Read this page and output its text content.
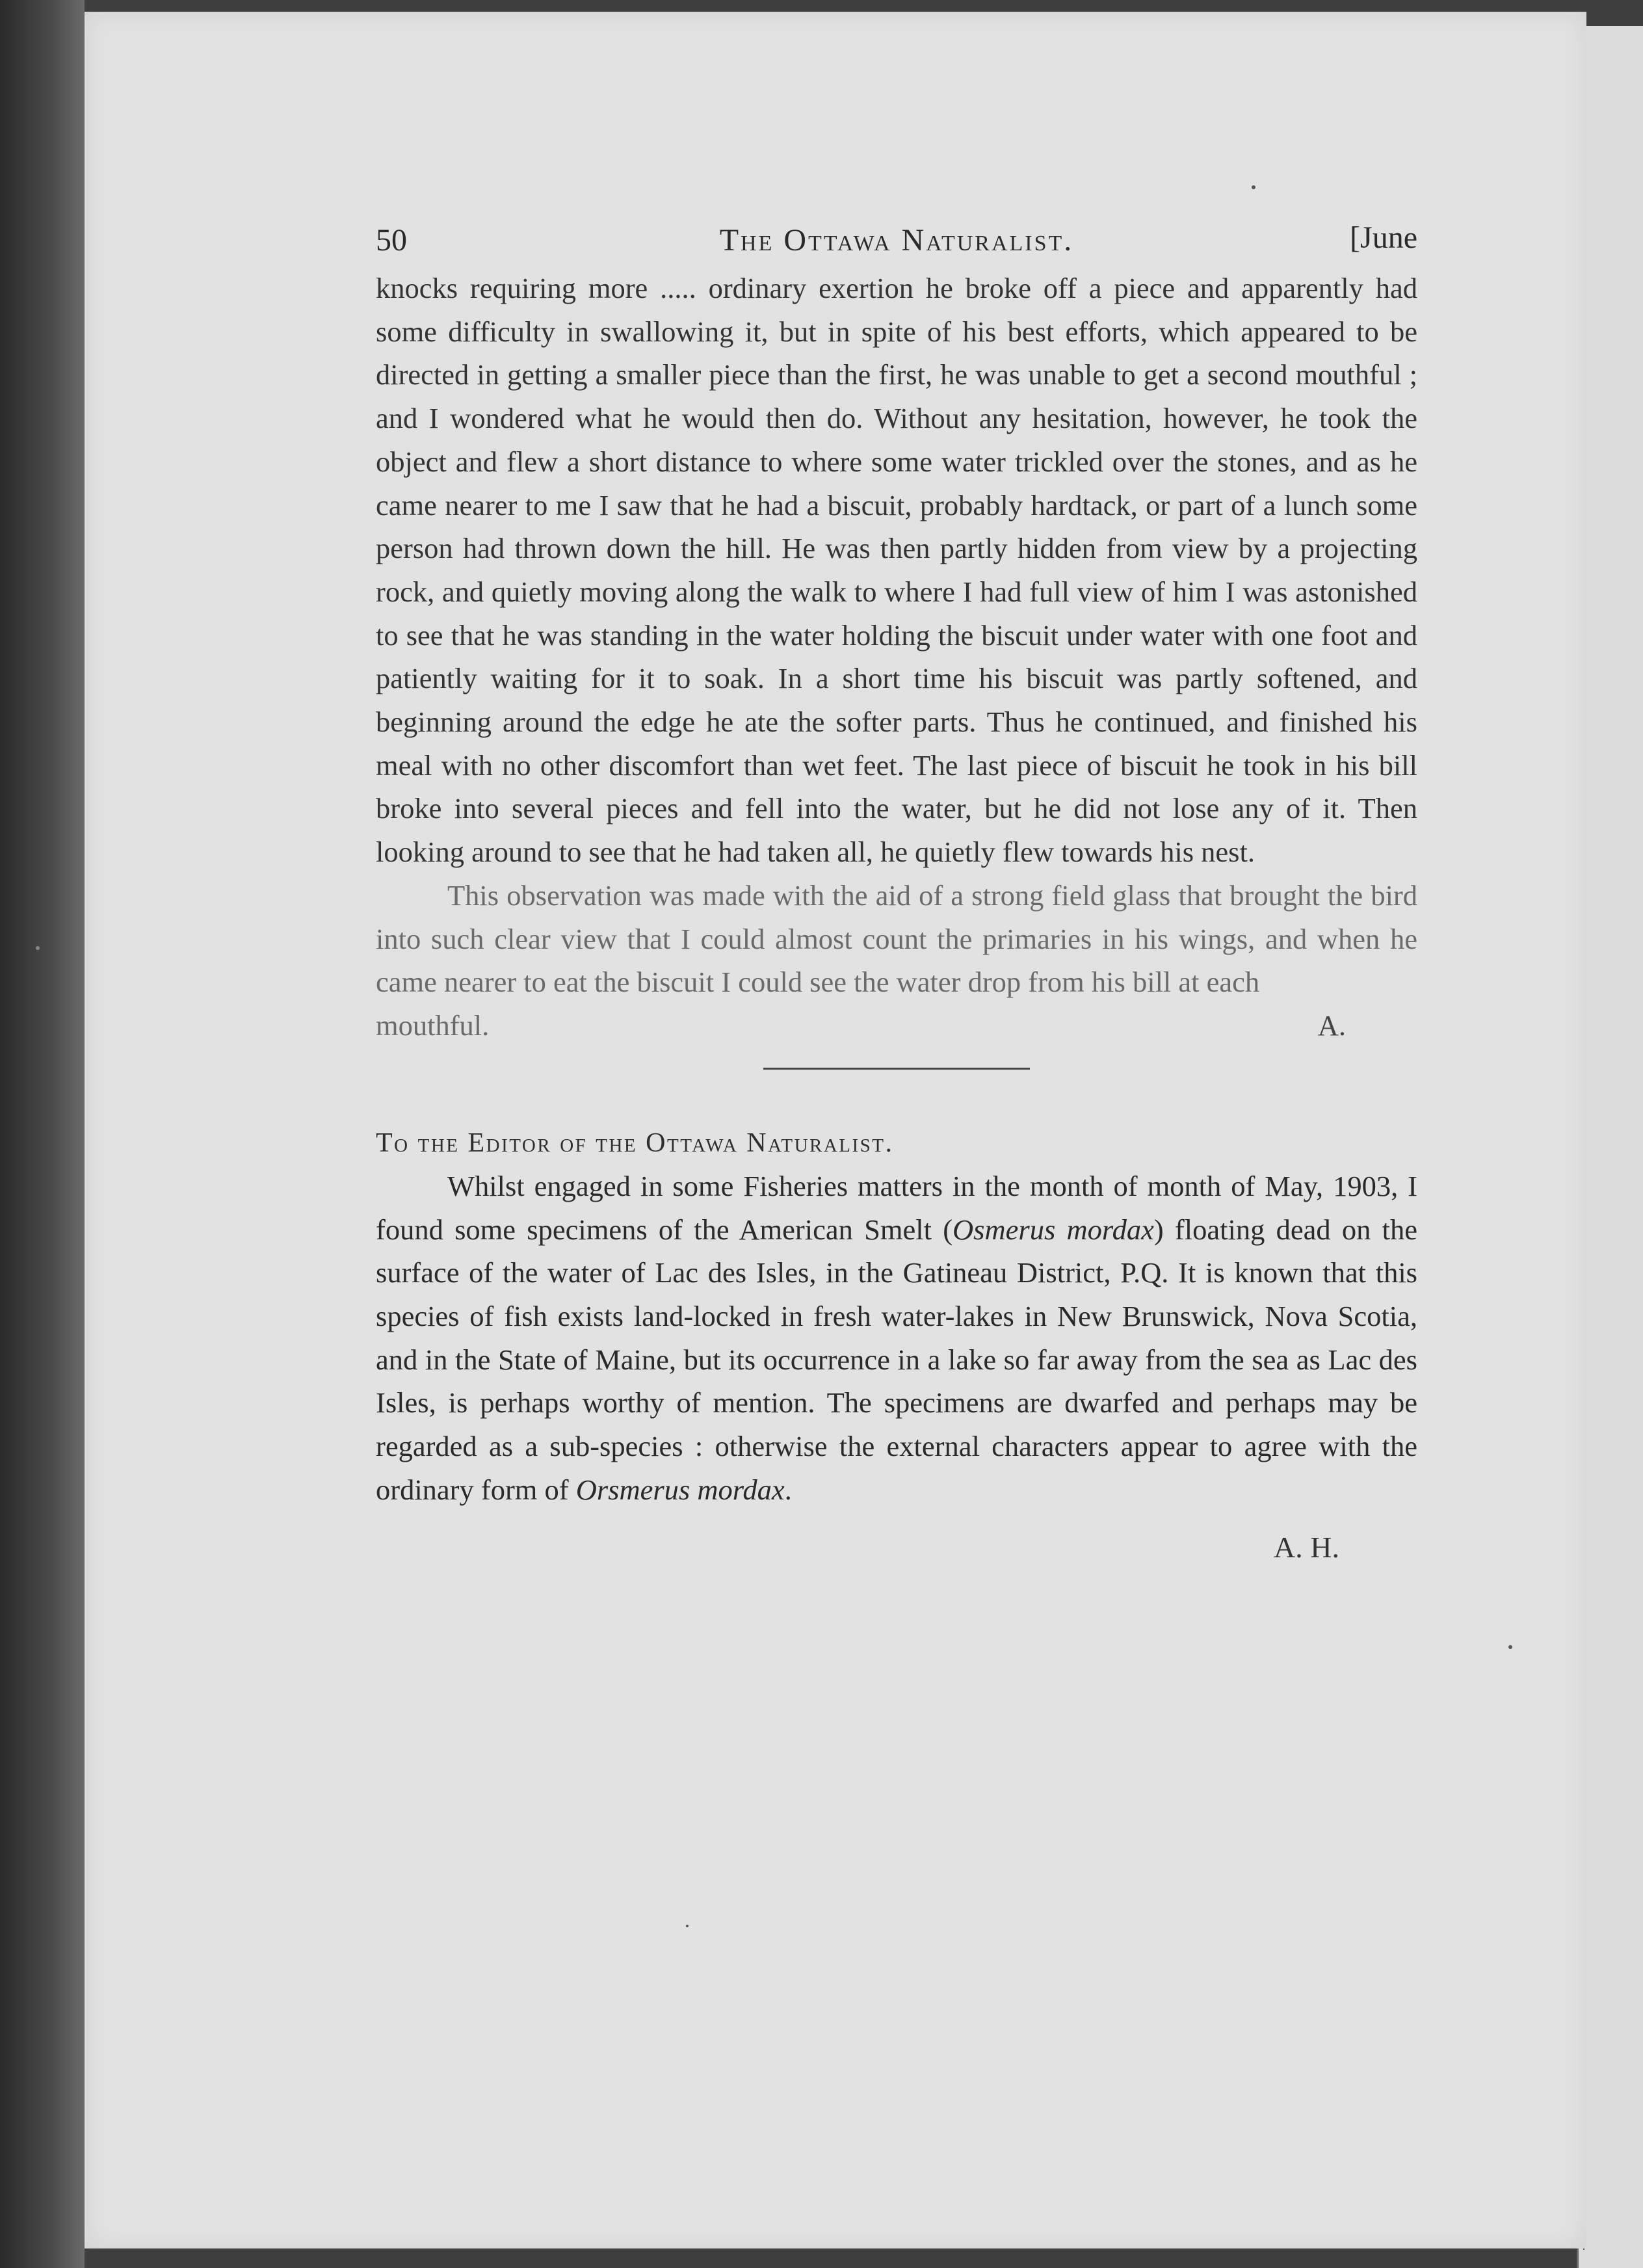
50	The Ottawa Naturalist.	[June

knocks requiring more ..... ordinary exertion he broke off a piece and apparently had some difficulty in swallowing it, but in spite of his best efforts, which appeared to be directed in getting a smaller piece than the first, he was unable to get a second mouthful ; and I wondered what he would then do. Without any hesitation, however, he took the object and flew a short distance to where some water trickled over the stones, and as he came nearer to me I saw that he had a biscuit, probably hardtack, or part of a lunch some person had thrown down the hill. He was then partly hidden from view by a projecting rock, and quietly moving along the walk to where I had full view of him I was astonished to see that he was standing in the water holding the biscuit under water with one foot and patiently waiting for it to soak. In a short time his biscuit was partly softened, and beginning around the edge he ate the softer parts. Thus he continued, and finished his meal with no other discomfort than wet feet. The last piece of biscuit he took in his bill broke into several pieces and fell into the water, but he did not lose any of it. Then looking around to see that he had taken all, he quietly flew towards his nest.

This observation was made with the aid of a strong field glass that brought the bird into such clear view that I could almost count the primaries in his wings, and when he came nearer to eat the biscuit I could see the water drop from his bill at each

mouthful.	A.
To the Editor of the Ottawa Naturalist.

Whilst engaged in some Fisheries matters in the month of month of May, 1903, I found some specimens of the American Smelt (Osmerus mordax) floating dead on the surface of the water of Lac des Isles, in the Gatineau District, P.Q. It is known that this species of fish exists land-locked in fresh water-lakes in New Brunswick, Nova Scotia, and in the State of Maine, but its occurrence in a lake so far away from the sea as Lac des Isles, is perhaps worthy of mention. The specimens are dwarfed and perhaps may be regarded as a sub-species : otherwise the external characters appear to agree with the ordinary form of Orsmerus mordax.

A. H.
